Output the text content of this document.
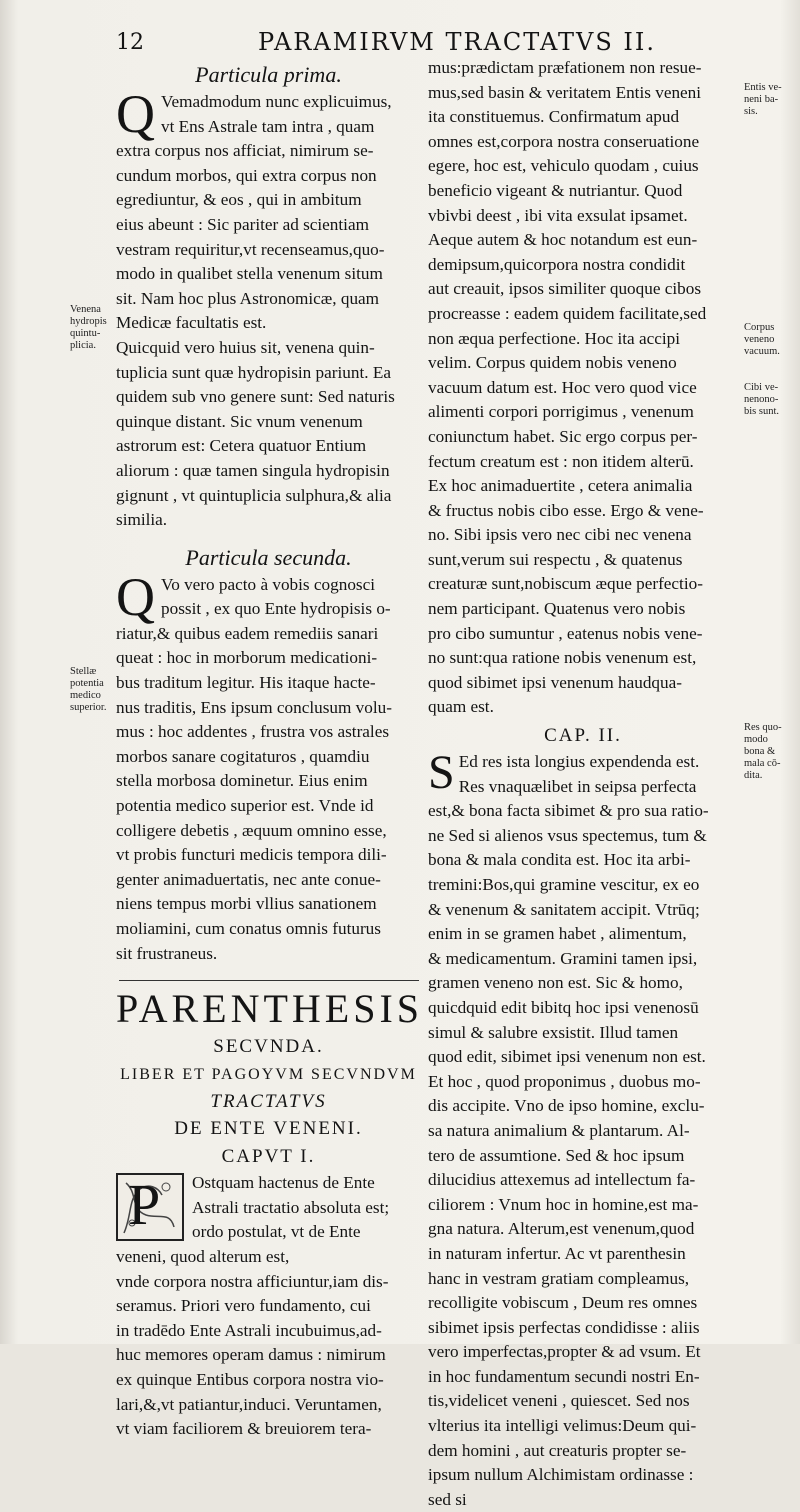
12	PARAMIRVM TRACTATVS II.
Particula prima.
Q Vemadmodum nunc explicuimus,
vt Ens Astrale tam intra , quam
extra corpus nos afficiat, nimirum se-
cundum morbos, qui extra corpus non
egrediuntur, & eos , qui in ambitum
eius abeunt : Sic pariter ad scientiam
vestram requiritur,vt recenseamus,quo-
modo in qualibet stella venenum situm
sit. Nam hoc plus Astronomicæ, quam
Medicæ facultatis est.
Quicquid vero huius sit, venena quin-
tuplicia sunt quæ hydropisin pariunt. Ea
quidem sub vno genere sunt: Sed naturis
quinque distant. Sic vnum venenum
astrorum est: Cetera quatuor Entium
aliorum : quæ tamen singula hydropisin
gignunt , vt quintuplicia sulphura,& alia
similia.
Particula secunda.
Q Vo vero pacto à vobis cognosci
possit , ex quo Ente hydropisis o-
riatur,& quibus eadem remediis sanari
queat : hoc in morborum medicationi-
bus traditum legitur. His itaque hacte-
nus traditis, Ens ipsum conclusum volu-
mus : hoc addentes , frustra vos astrales
morbos sanare cogitaturos , quamdiu
stella morbosa dominetur. Eius enim
potentia medico superior est. Vnde id
colligere debetis , æquum omnino esse,
vt probis functuri medicis tempora dili-
genter animaduertatis, nec ante conue-
niens tempus morbi vllius sanationem
moliamini, cum conatus omnis futurus
sit frustraneus.
PARENTHESIS
SECVNDA.
LIBER ET PAGOYVM SECVNDVM
TRACTATVS
DE ENTE VENENI.
CAPVT I.
P Ostquam hactenus de Ente
Astrali tractatio absoluta est;
ordo postulat, vt de Ente
veneni, quod alterum est,
vnde corpora nostra afficiuntur,iam dis-
seramus. Priori vero fundamento, cui
in tradēdo Ente Astrali incubuimus,ad-
huc memores operam damus : nimirum
ex quinque Entibus corpora nostra vio-
lari,&,vt patiantur,induci. Veruntamen,
vt viam faciliorem & breuiorem tera-
mus:prædictam præfationem non resue-
mus,sed basin & veritatem Entis veneni
ita constituemus. Confirmatum apud
omnes est,corpora nostra conseruatione
egere, hoc est, vehiculo quodam , cuius
beneficio vigeant & nutriantur. Quod
vbivbi deest , ibi vita exsulat ipsamet.
Aeque autem & hoc notandum est eun-
demipsum,quicorpora nostra condidit
aut creauit, ipsos similiter quoque cibos
procreasse : eadem quidem facilitate,sed
non æqua perfectione. Hoc ita accipi
velim. Corpus quidem nobis veneno
vacuum datum est. Hoc vero quod vice
alimenti corpori porrigimus , venenum
coniunctum habet. Sic ergo corpus per-
fectum creatum est : non itidem alterū.
Ex hoc animaduertite , cetera animalia
& fructus nobis cibo esse. Ergo & vene-
no. Sibi ipsis vero nec cibi nec venena
sunt,verum sui respectu , & quatenus
creaturæ sunt,nobiscum æque perfectio-
nem participant. Quatenus vero nobis
pro cibo sumuntur , eatenus nobis vene-
no sunt:qua ratione nobis venenum est,
quod sibimet ipsi venenum haudqua-
quam est.
CAP. II.
S Ed res ista longius expendenda est.
Res vnaquælibet in seipsa perfecta
est,& bona facta sibimet & pro sua ratio-
ne Sed si alienos vsus spectemus, tum &
bona & mala condita est. Hoc ita arbi-
tremini:Bos,qui gramine vescitur, ex eo
& venenum & sanitatem accipit. Vtrūq;
enim in se gramen habet , alimentum,
& medicamentum. Gramini tamen ipsi,
gramen veneno non est. Sic & homo,
quicdquid edit bibitq hoc ipsi venenosū
simul & salubre exsistit. Illud tamen
quod edit, sibimet ipsi venenum non est.
Et hoc , quod proponimus , duobus mo-
dis accipite. Vno de ipso homine, exclu-
sa natura animalium & plantarum. Al-
tero de assumtione. Sed & hoc ipsum
dilucidius attexemus ad intellectum fa-
ciliorem : Vnum hoc in homine,est ma-
gna natura. Alterum,est venenum,quod
in naturam infertur. Ac vt parenthesin
hanc in vestram gratiam compleamus,
recolligite vobiscum , Deum res omnes
sibimet ipsis perfectas condidisse : aliis
vero imperfectas,propter & ad vsum. Et
in hoc fundamentum secundi nostri En-
tis,videlicet veneni , quiescet. Sed nos
vlterius ita intelligi velimus:Deum qui-
dem homini , aut creaturis propter se-
ipsum nullum Alchimistam ordinasse :
sed si
Venena
hydropis
quintu-
plicia.
Stellæ
potentia
medico
superior.
Entis ve-
neni ba-
sis.
Corpus
veneno
vacuum.
Cibi ve-
nenono-
bis sunt.
Res quo-
modo
bona &
mala cō-
dita.
